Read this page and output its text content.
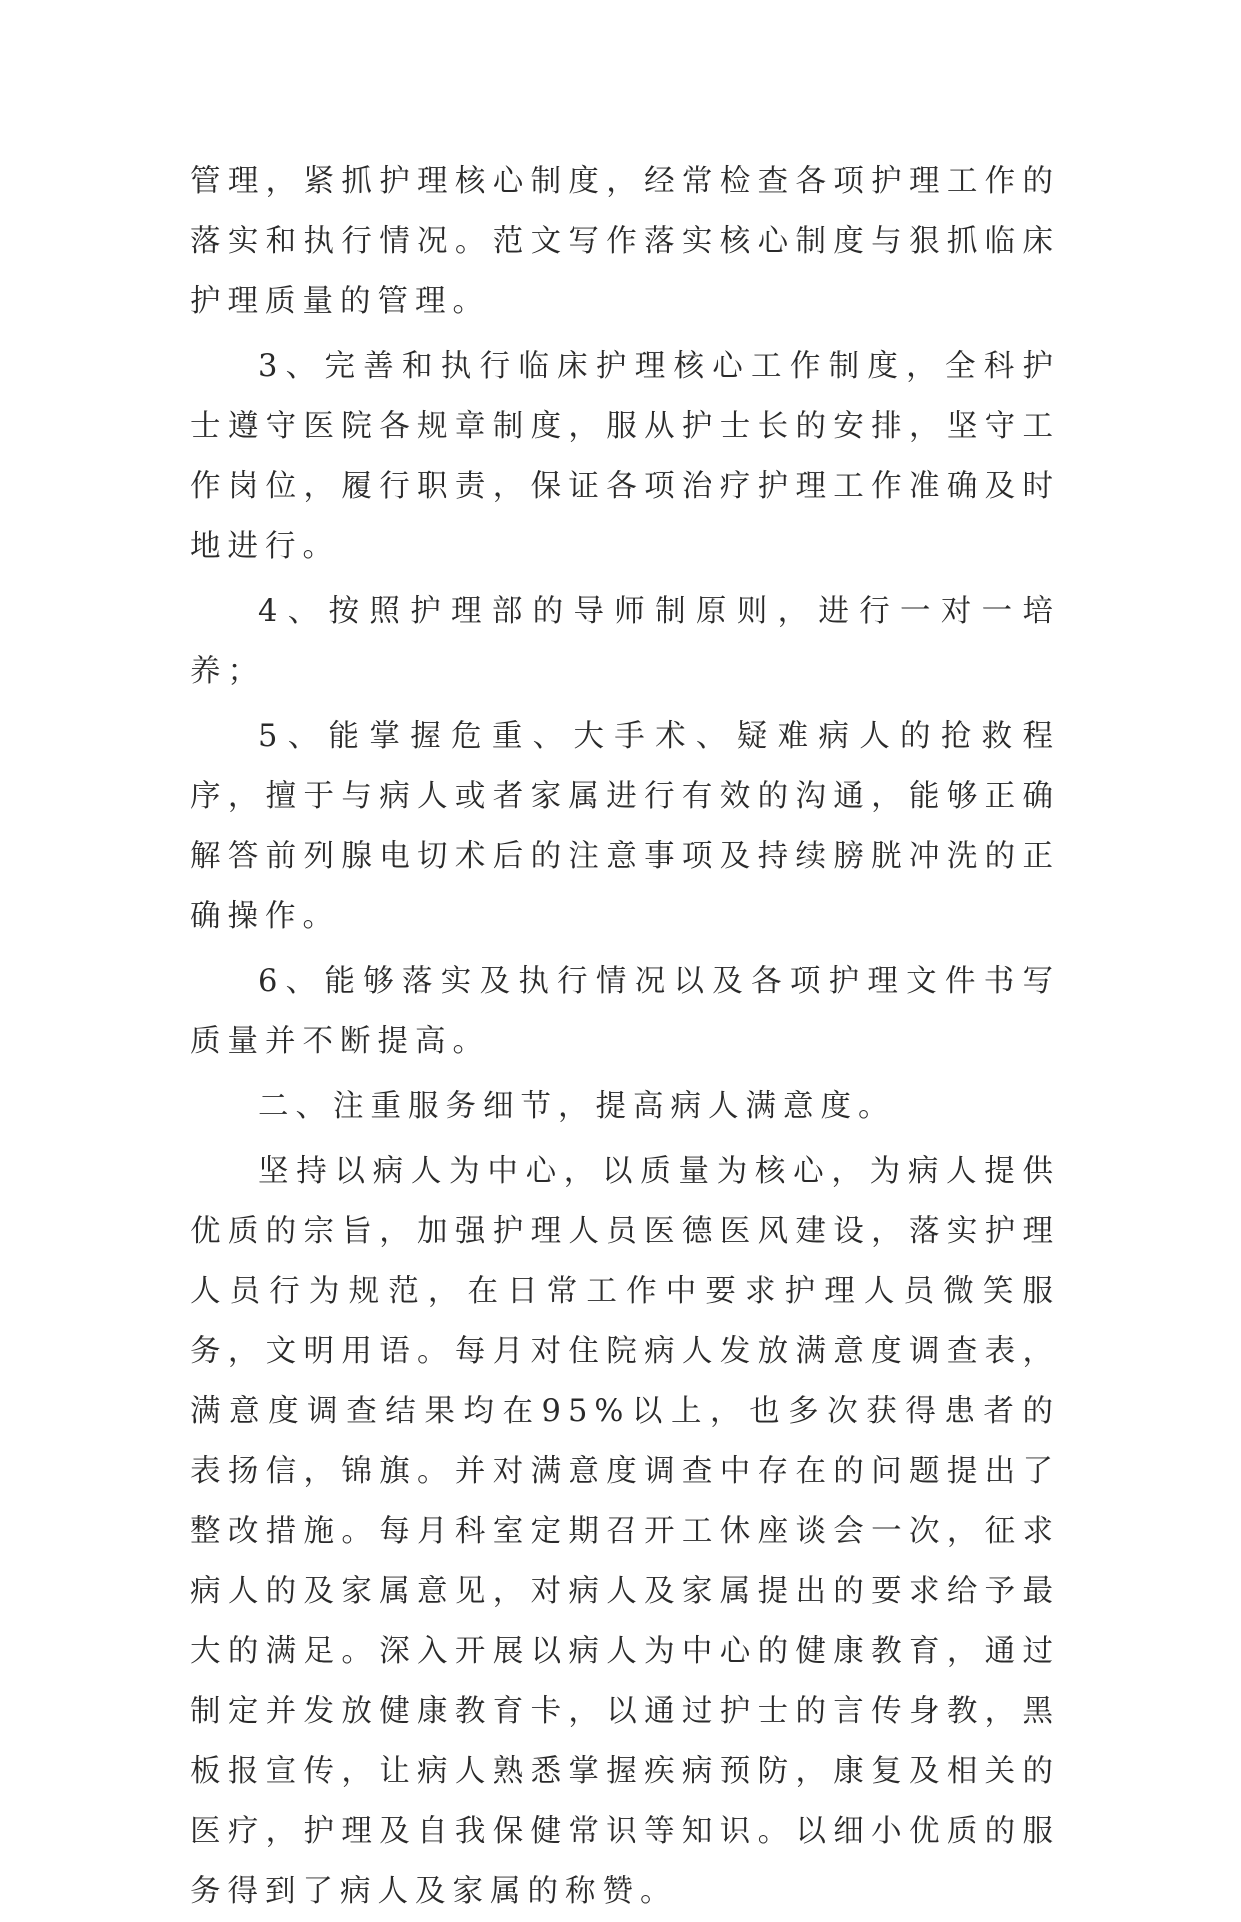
管理，紧抓护理核心制度，经常检查各项护理工作的落实和执行情况。范文写作落实核心制度与狠抓临床护理质量的管理。

3、完善和执行临床护理核心工作制度，全科护士遵守医院各规章制度，服从护士长的安排，坚守工作岗位，履行职责，保证各项治疗护理工作准确及时地进行。

4、按照护理部的导师制原则，进行一对一培养；

5、能掌握危重、大手术、疑难病人的抢救程序，擅于与病人或者家属进行有效的沟通，能够正确解答前列腺电切术后的注意事项及持续膀胱冲洗的正确操作。

6、能够落实及执行情况以及各项护理文件书写质量并不断提高。

二、注重服务细节，提高病人满意度。

坚持以病人为中心，以质量为核心，为病人提供优质的宗旨，加强护理人员医德医风建设，落实护理人员行为规范，在日常工作中要求护理人员微笑服务，文明用语。每月对住院病人发放满意度调查表，满意度调查结果均在95%以上，也多次获得患者的表扬信，锦旗。并对满意度调查中存在的问题提出了整改措施。每月科室定期召开工休座谈会一次，征求病人的及家属意见，对病人及家属提出的要求给予最大的满足。深入开展以病人为中心的健康教育，通过制定并发放健康教育卡，以通过护士的言传身教，黑板报宣传，让病人熟悉掌握疾病预防，康复及相关的医疗，护理及自我保健常识等知识。以细小优质的服务得到了病人及家属的称赞。
